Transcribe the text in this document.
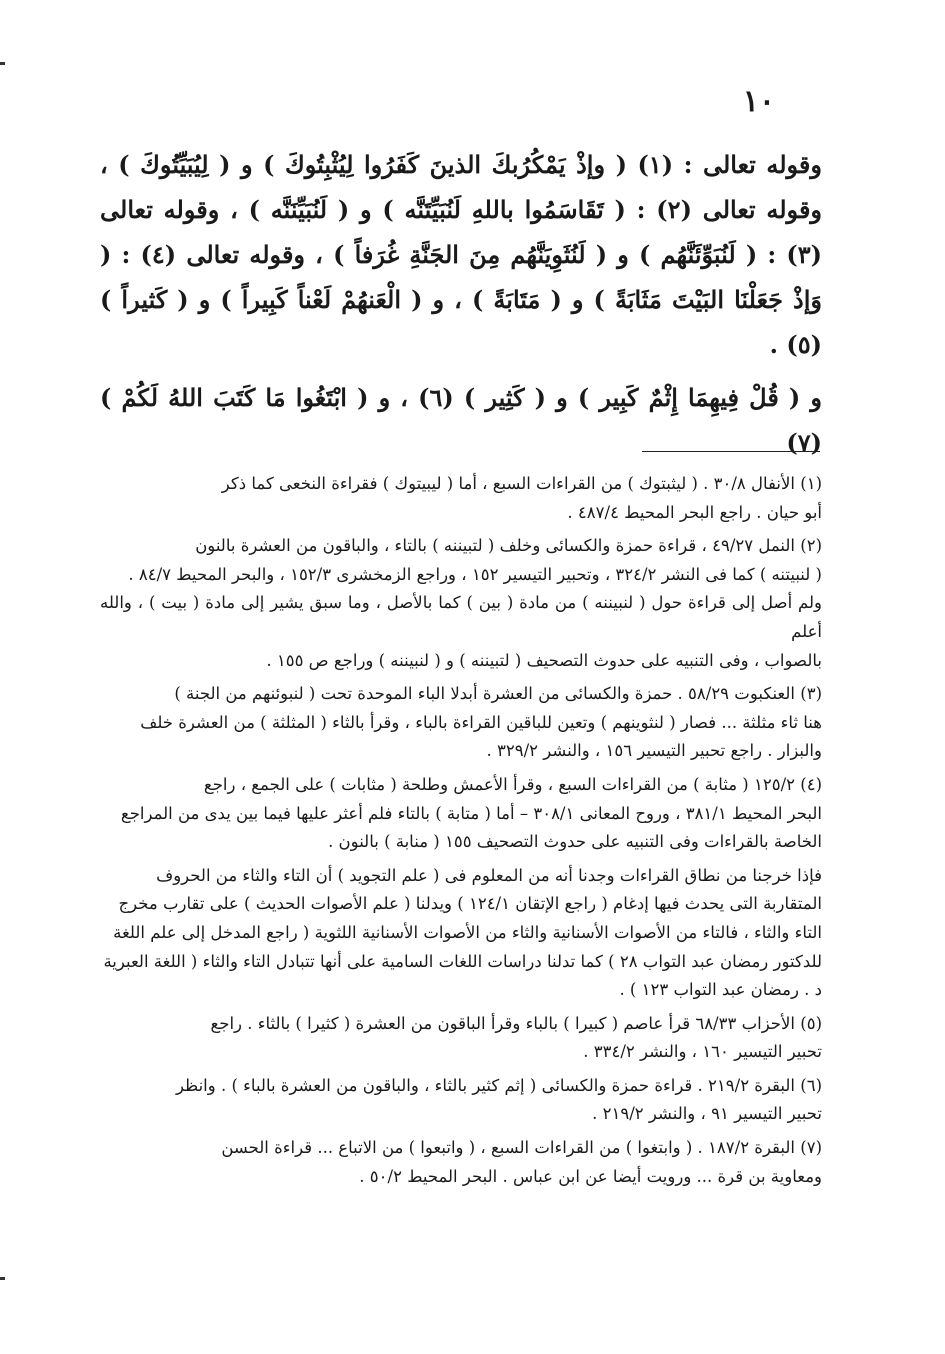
١٠

وقوله تعالى : (١) ( وإذْ يَمْكُرُبكَ الذينَ كَفَرُوا لِيُثْبِتُوكَ ) و ( لِيُبَيِّتُوكَ ) ، وقوله تعالى (٢) : ( تَقَاسَمُوا باللهِ لَنُبَيِّتَنَّه ) و ( لَنُبَيِّنَنَّه ) ، وقوله تعالى (٣) : ( لَنُبَوِّئَنَّهُم ) و ( لَنُثَوِيَنَّهُم مِنَ الجَنَّةِ غُرَفاً ) ، وقوله تعالى (٤) : ( وَإذْ جَعَلْنَا البَيْتَ مَثَابَةً ) و ( مَتَابَةً ) ، و ( الْعَنهُمْ لَعْناً كَبِيراً ) و ( كَثيراً ) (٥) .

و ( قُلْ فِيهِمَا إِثْمٌ كَبِير ) و ( كَثِير ) (٦) ، و ( ابْتَغُوا مَا كَتَبَ اللهُ لَكُمْ ) (٧)

(١) الأنفال ٣٠/٨ . ( ليثبتوك ) من القراءات السبع ، أما ( ليبيتوك ) فقراءة النخعى كما ذكر
أبو حيان . راجع البحر المحيط ٤٨٧/٤ .
(٢) النمل ٤٩/٢٧ ، قراءة حمزة والكسائى وخلف ( لتبيننه ) بالتاء ، والباقون من العشرة بالنون
( لنبيتنه ) كما فى النشر ٣٢٤/٢ ، وتحبير التيسير ١٥٢ ، وراجع الزمخشرى ١٥٢/٣ ، والبحر المحيط ٨٤/٧ .
ولم أصل إلى قراءة حول ( لنبيننه ) من مادة ( بين ) كما بالأصل ، وما سبق يشير إلى مادة ( بيت ) ، والله أعلم
بالصواب ، وفى التنبيه على حدوث التصحيف ( لتبيننه ) و ( لنبيننه ) وراجع ص ١٥٥ .
(٣) العنكبوت ٥٨/٢٩ . حمزة والكسائى من العشرة أبدلا الباء الموحدة تحت ( لنبوئنهم من الجنة )
هنا ثاء مثلثة ... فصار ( لنثوينهم ) وتعين للباقين القراءة بالباء ، وقرأ بالثاء ( المثلثة ) من العشرة خلف
والبزار . راجع تحبير التيسير ١٥٦ ، والنشر ٣٢٩/٢ .
(٤) ١٢٥/٢ ( مثابة ) من القراءات السبع ، وقرأ الأعمش وطلحة ( مثابات ) على الجمع ، راجع
البحر المحيط ٣٨١/١ ، وروح المعانى ٣٠٨/١ – أما ( متابة ) بالتاء فلم أعثر عليها فيما بين يدى من المراجع
الخاصة بالقراءات وفى التنبيه على حدوث التصحيف ١٥٥ ( منابة ) بالنون .
فإذا خرجنا من نطاق القراءات وجدنا أنه من المعلوم فى ( علم التجويد ) أن التاء والثاء من الحروف
المتقاربة التى يحدث فيها إدغام ( راجع الإتقان ١٢٤/١ ) ويدلنا ( علم الأصوات الحديث ) على تقارب مخرج
التاء والثاء ، فالتاء من الأصوات الأسنانية والثاء من الأصوات الأسنانية اللثوية ( راجع المدخل إلى علم اللغة
للدكتور رمضان عبد التواب ٢٨ ) كما تدلنا دراسات اللغات السامية على أنها تتبادل التاء والثاء ( اللغة العبرية
د . رمضان عبد التواب ١٢٣ ) .
(٥) الأحزاب ٦٨/٣٣ قرأ عاصم ( كبيرا ) بالباء وقرأ الباقون من العشرة ( كثيرا ) بالثاء . راجع
تحبير التيسير ١٦٠ ، والنشر ٣٣٤/٢ .
(٦) البقرة ٢١٩/٢ . قراءة حمزة والكسائى ( إثم كثير بالثاء ، والباقون من العشرة بالباء ) . وانظر
تحبير التيسير ٩١ ، والنشر ٢١٩/٢ .
(٧) البقرة ١٨٧/٢ . ( وابتغوا ) من القراءات السبع ، ( واتبعوا ) من الاتباع ... قراءة الحسن
ومعاوية بن قرة ... ورويت أيضا عن ابن عباس . البحر المحيط ٥٠/٢ .
